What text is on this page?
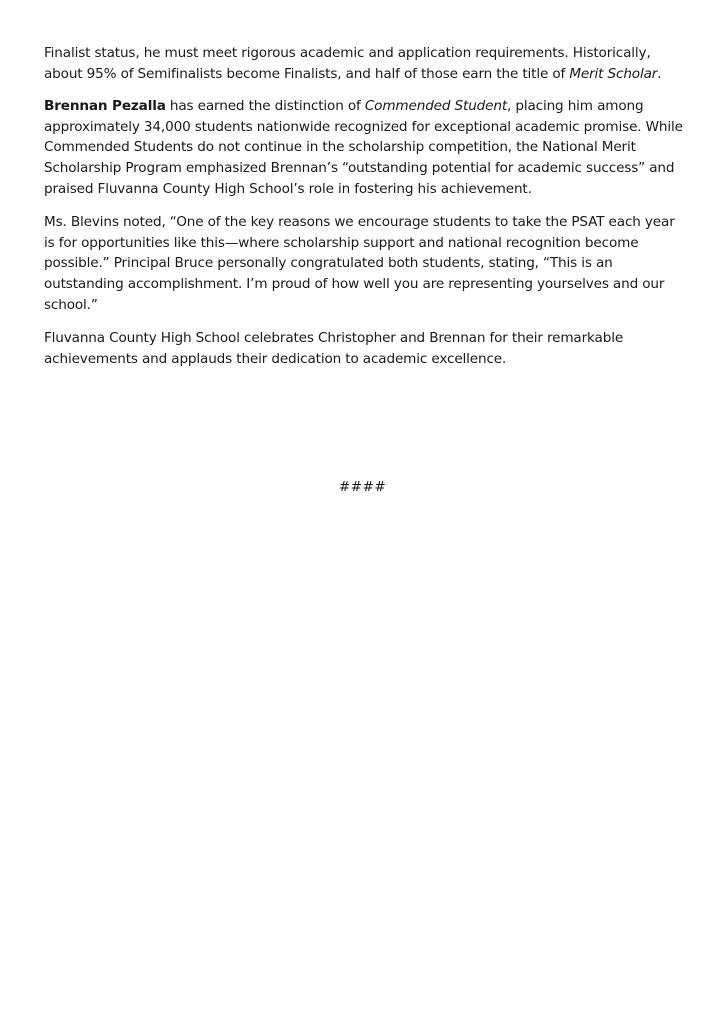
Finalist status, he must meet rigorous academic and application requirements. Historically, about 95% of Semifinalists become Finalists, and half of those earn the title of Merit Scholar.

Brennan Pezalla has earned the distinction of Commended Student, placing him among approximately 34,000 students nationwide recognized for exceptional academic promise. While Commended Students do not continue in the scholarship competition, the National Merit Scholarship Program emphasized Brennan’s “outstanding potential for academic success” and praised Fluvanna County High School’s role in fostering his achievement.

Ms. Blevins noted, “One of the key reasons we encourage students to take the PSAT each year is for opportunities like this—where scholarship support and national recognition become possible.” Principal Bruce personally congratulated both students, stating, “This is an outstanding accomplishment. I’m proud of how well you are representing yourselves and our school.”

Fluvanna County High School celebrates Christopher and Brennan for their remarkable achievements and applauds their dedication to academic excellence.

####
